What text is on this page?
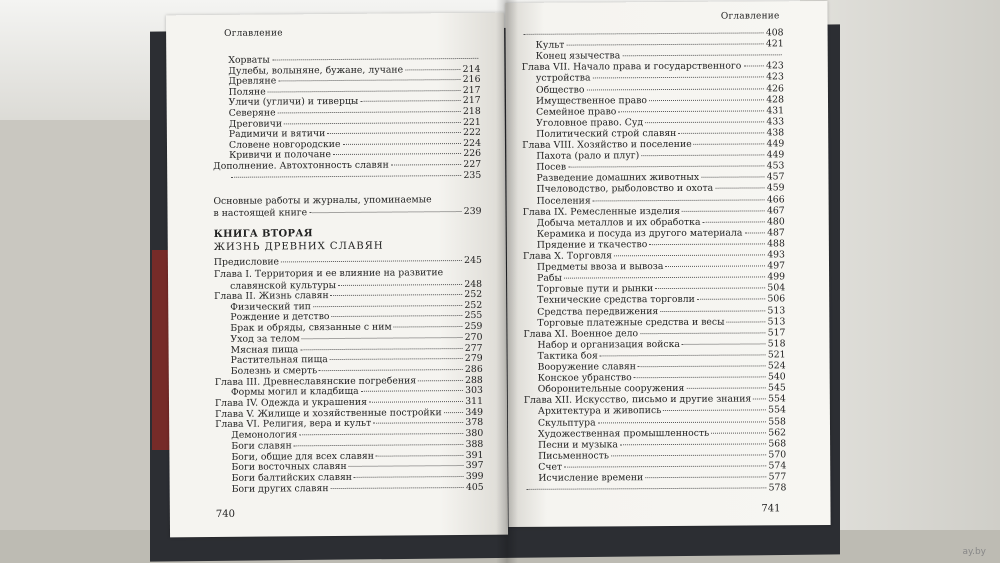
Оглавление
Хорваты
Дулебы, волыняне, бужане, лучане	214
Древляне	216
Поляне	217
Уличи (угличи) и тиверцы	217
Северяне	218
Дреговичи	221
Радимичи и вятичи	222
Словене новгородские	224
Кривичи и полочане	226
Дополнение. Автохтонность славян	227
235
Основные работы и журналы, упоминаемые
в настоящей книге	239
КНИГА ВТОРАЯ
ЖИЗНЬ ДРЕВНИХ СЛАВЯН
Предисловие	245
Глава I. Территория и ее влияние на развитие
славянской культуры	248
Глава II. Жизнь славян	252
Физический тип	252
Рождение и детство	255
Брак и обряды, связанные с ним	259
Уход за телом	270
Мясная пища	277
Растительная пища	279
Болезнь и смерть	286
Глава III. Древнеславянские погребения	288
Формы могил и кладбища	303
Глава IV. Одежда и украшения	311
Глава V. Жилище и хозяйственные постройки	349
Глава VI. Религия, вера и культ	378
Демонология	380
Боги славян	388
Боги, общие для всех славян	391
Боги восточных славян	397
Боги балтийских славян	399
Боги других славян	405
740
Оглавление
408
Культ	421
Конец язычества
Глава VII. Начало права и государственного	423
устройства	423
Общество	426
Имущественное право	428
Семейное право	431
Уголовное право. Суд	433
Политический строй славян	438
Глава VIII. Хозяйство и поселение	449
Пахота (рало и плуг)	449
Посев	453
Разведение домашних животных	457
Пчеловодство, рыболовство и охота	459
Поселения	466
Глава IX. Ремесленные изделия	467
Добыча металлов и их обработка	480
Керамика и посуда из другого материала	487
Прядение и ткачество	488
Глава X. Торговля	493
Предметы ввоза и вывоза	497
Рабы	499
Торговые пути и рынки	504
Технические средства торговли	506
Средства передвижения	513
Торговые платежные средства и весы	513
Глава XI. Военное дело	517
Набор и организация войска	518
Тактика боя	521
Вооружение славян	524
Конское убранство	540
Оборонительные сооружения	545
Глава XII. Искусство, письмо и другие знания 554
Архитектура и живопись	554
Скульптура	558
Художественная промышленность	562
Песни и музыка	568
Письменность	570
Счет	574
Исчисление времени	577
578
741
ay.by
